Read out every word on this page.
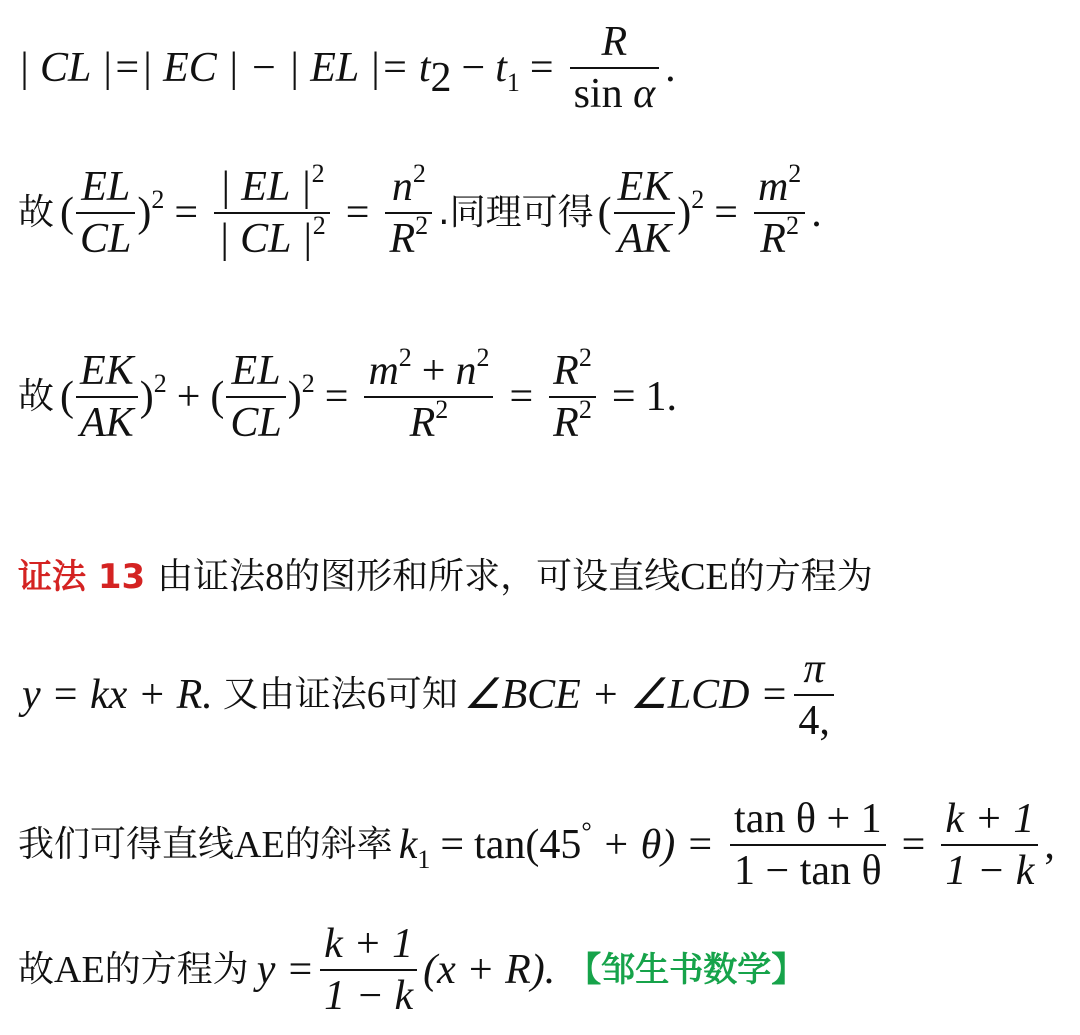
| CL |=| EC | − | EL |= $t_2 - t_1 = \frac{R}{\text{sin α}}$ .
故 ( $\frac{EL}{CL} )^2 = \frac{| EL |^2}{| CL |^2} = \frac{n^2}{R^2}$ .同理可得 ( $\frac{EK}{AK} )^2 = \frac{m^2}{R^2}$ .
故 ( $\frac{EK}{AK} )^2$ + ( $\frac{EL}{CL} )^2 = \frac{m^2 + n^2}{R^2} = \frac{R^2}{R^2} = 1$.
证法 13 由证法 8 的图形和所求，可设直线 CE 的方程为
y = kx + R. 又由证法 6 可知 ∠BCE + ∠LCD = $\frac{\pi}{4,}$
我们可得直线 AE 的斜率 $k_1 = \tan(45^\circ + \theta) = \frac{\text{tan θ + 1}}{\text{1 − tan θ}} = \frac{k + 1}{1 - k}$ ,
故 AE 的方程为 $y = \frac{k + 1}{1 - k} (x + R)$. 【邹生书数学】
